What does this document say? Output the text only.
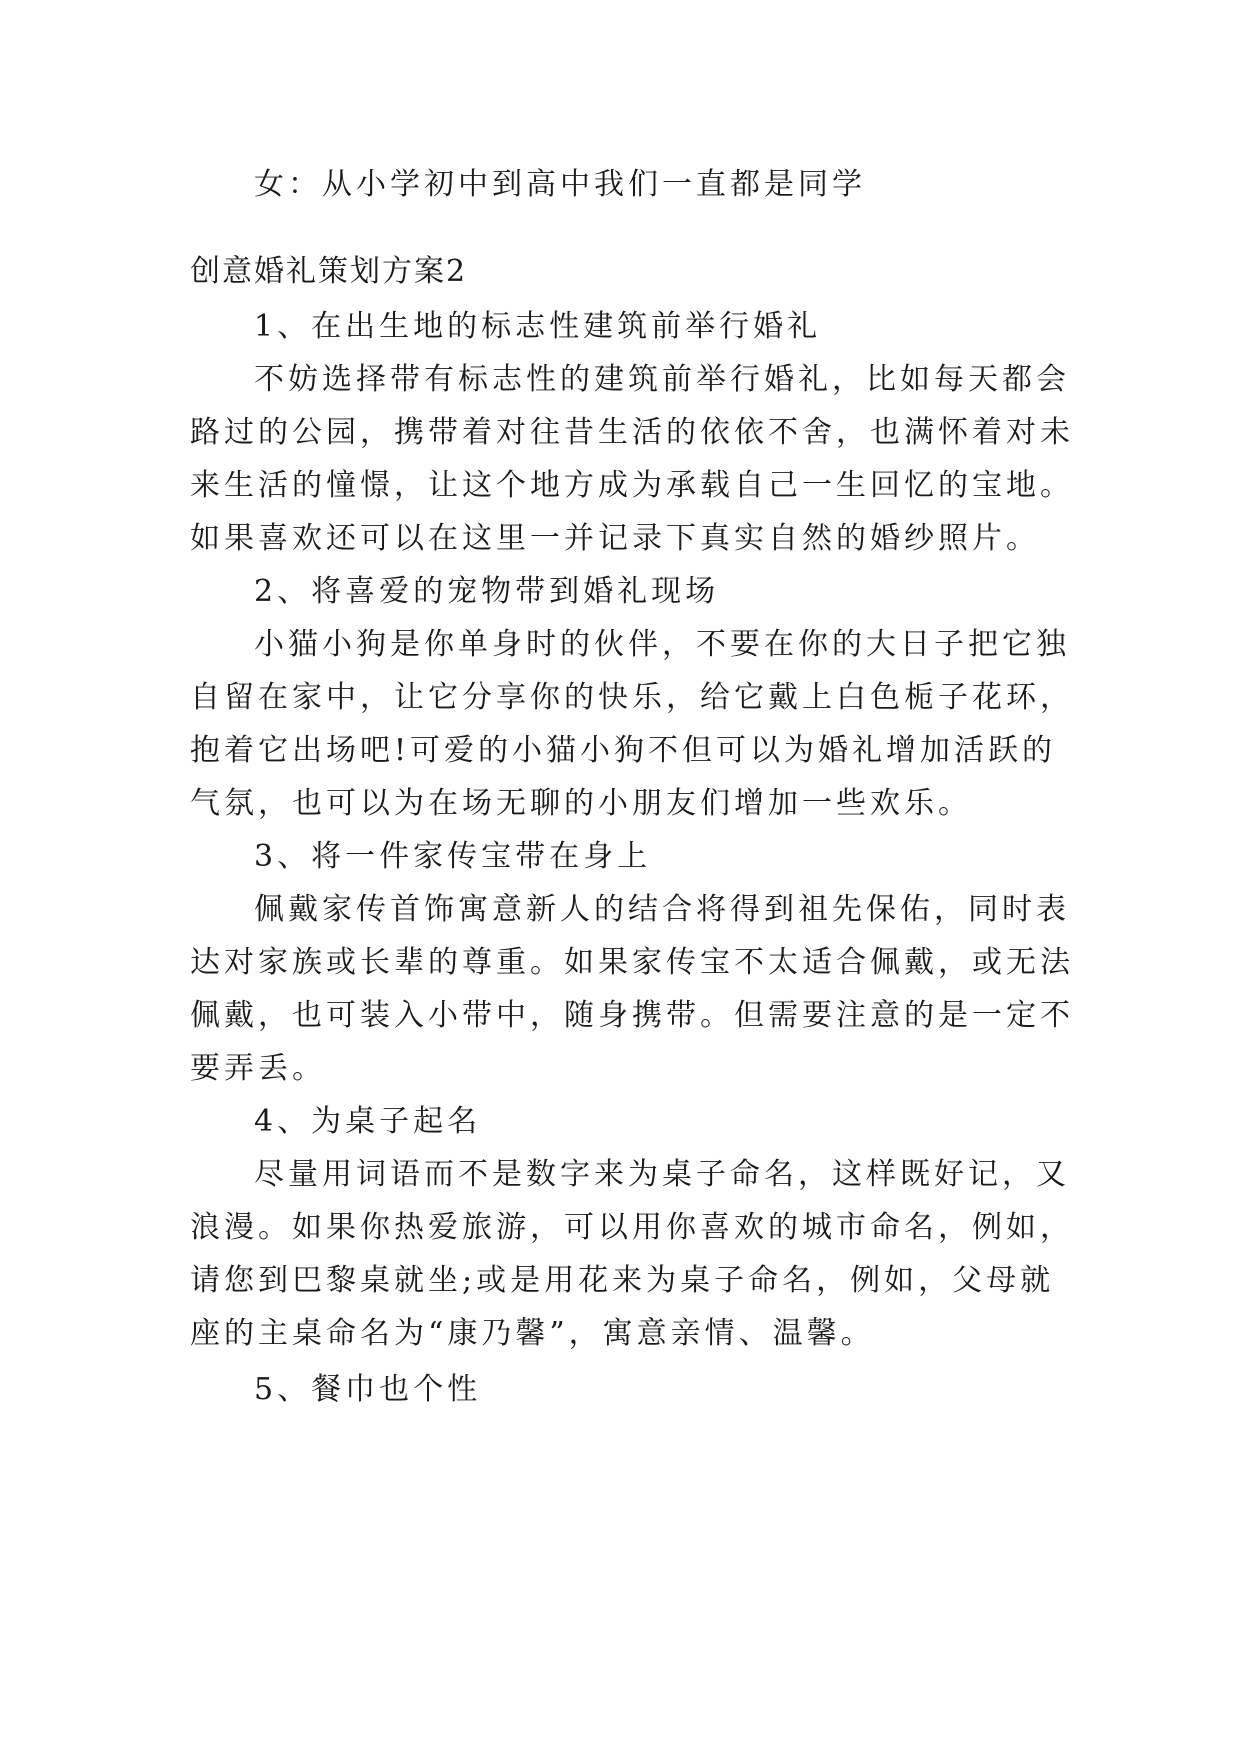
女：从小学初中到高中我们一直都是同学
创意婚礼策划方案2
1、在出生地的标志性建筑前举行婚礼
不妨选择带有标志性的建筑前举行婚礼，比如每天都会
路过的公园，携带着对往昔生活的依依不舍，也满怀着对未
来生活的憧憬，让这个地方成为承载自己一生回忆的宝地。
如果喜欢还可以在这里一并记录下真实自然的婚纱照片。
2、将喜爱的宠物带到婚礼现场
小猫小狗是你单身时的伙伴，不要在你的大日子把它独
自留在家中，让它分享你的快乐，给它戴上白色栀子花环，
抱着它出场吧!可爱的小猫小狗不但可以为婚礼增加活跃的
气氛，也可以为在场无聊的小朋友们增加一些欢乐。
3、将一件家传宝带在身上
佩戴家传首饰寓意新人的结合将得到祖先保佑，同时表
达对家族或长辈的尊重。如果家传宝不太适合佩戴，或无法
佩戴，也可装入小带中，随身携带。但需要注意的是一定不
要弄丢。
4、为桌子起名
尽量用词语而不是数字来为桌子命名，这样既好记，又
浪漫。如果你热爱旅游，可以用你喜欢的城市命名，例如，
请您到巴黎桌就坐;或是用花来为桌子命名，例如，父母就
座的主桌命名为“康乃馨”，寓意亲情、温馨。
5、餐巾也个性
